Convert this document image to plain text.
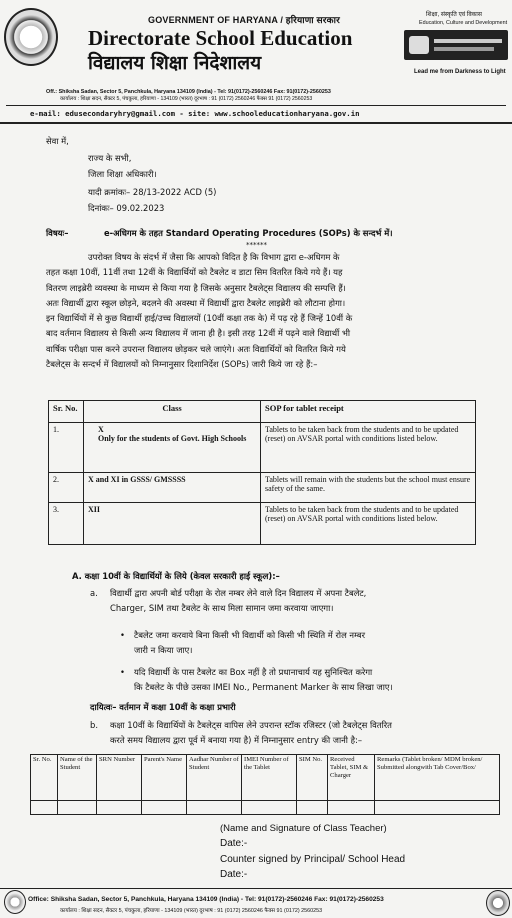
GOVERNMENT OF HARYANA / हरियाणा सरकार
Directorate School Education
विद्यालय शिक्षा निदेशालय
शिक्षा, संस्कृति एवं विकास
Education, Culture and Development
Lead me from Darkness to Light
Off.: Shiksha Sadan, Sector 5, Panchkula, Haryana 134109 (India) - Tel: 91(0172)-2560246 Fax: 91(0172)-2560253
कार्यालय : शिक्षा सदन, सैक्टर 5, पंचकुला, हरियाणा - 134109 (भारत) दूरभाष : 91 (0172) 2560246 फैक्स 91 (0172) 2560253
e-mail: edusecondaryhry@gmail.com - site: www.schooleducationharyana.gov.in
सेवा में,
राज्य के सभी,
जिला शिक्षा अधिकारी।
यादी क्रमांकः– 28/13-2022 ACD (5)
दिनांकः– 09.02.2023
विषयः–	e-अधिगम के तहत Standard Operating Procedures (SOPs) के सन्दर्भ में।
******
उपरोक्त विषय के संदर्भ में जैसा कि आपको विदित है कि विभाग द्वारा e-अधिगम के
तहत कक्षा 10वीं, 11वीं तथा 12वीं के विद्यार्थियों को टैबलेट व डाटा सिम वितरित किये गये हैं। यह
वितरण लाइब्रेरी व्यवस्था के माध्यम से किया गया है जिसके अनुसार टैबलेट्स विद्यालय की सम्पत्ति हैं।
अतः विद्यार्थी द्वारा स्कूल छोड़ने, बदलने की अवस्था में विद्यार्थी द्वारा टैबलेट लाइब्रेरी को लौटाना होगा।
इन विद्यार्थियों में से कुछ विद्यार्थी हाई/उच्च विद्यालयों (10वीं कक्षा तक के) में पढ़ रहे हैं जिन्हें 10वीं के
बाद वर्तमान विद्यालय से किसी अन्य विद्यालय में जाना ही है। इसी तरह 12वीं में पढ़ने वाले विद्यार्थी भी
वार्षिक परीक्षा पास करने उपरान्त विद्यालय छोड़कर चले जाएंगे। अतः विद्यार्थियों को वितरित किये गये
टैबलेट्स के सन्दर्भ में विद्यालयों को निम्नानुसार दिशानिर्देश (SOPs) जारी किये जा रहे हैं:–
Sr. No.	Class	SOP for tablet receipt
1.	X
Only for the students of Govt. High Schools	Tablets to be taken back from the students and to be updated (reset) on AVSAR portal with conditions listed below.
2.	X and XI in GSSS/ GMSSSS	Tablets will remain with the students but the school must ensure safety of the same.
3.	XII	Tablets to be taken back from the students and to be updated (reset) on AVSAR portal with conditions listed below.
A. कक्षा 10वीं के विद्यार्थियों के लिये (केवल सरकारी हाई स्कूल):–
a. विद्यार्थी द्वारा अपनी बोर्ड परीक्षा के रोल नम्बर लेने वाले दिन विद्यालय में अपना टैबलेट,
Charger, SIM तथा टैबलेट के साथ मिला सामान जमा करवाया जाएगा।
• टैबलेट जमा करवाये बिना किसी भी विद्यार्थी को किसी भी स्थिति में रोल नम्बर
जारी न किया जाए।
• यदि विद्यार्थी के पास टैबलेट का Box नहीं है तो प्रधानाचार्य यह सुनिश्चित करेगा
कि टैबलेट के पीछे उसका IMEI No., Permanent Marker के साथ लिखा जाए।
दायित्वः– वर्तमान में कक्षा 10वीं के कक्षा प्रभारी
b. कक्षा 10वीं के विद्यार्थियों के टैबलेट्स वापिस लेने उपरान्त स्टॉक रजिस्टर (जो टैबलेट्स वितरित
करते समय विद्यालय द्वारा पूर्व में बनाया गया है) में निम्नानुसार entry की जानी है:–
Sr. No.	Name of the Student	SRN Number	Parent's Name	Aadhar Number of Student	IMEI Number of the Tablet	SIM No.	Received Tablet, SIM & Charger	Remarks (Tablet broken/ MDM broken/ Submitted alongwith Tab Cover/Box/

(Name and Signature of Class Teacher)
Date:-
Counter signed by Principal/ School Head
Date:-
Office: Shiksha Sadan, Sector 5, Panchkula, Haryana 134109 (India) - Tel: 91(0172)-2560246 Fax: 91(0172)-2560253
कार्यालय : शिक्षा सदन, सैक्टर 5, पंचकुला, हरियाणा - 134109 (भारत) दूरभाष : 91 (0172) 2560246 फैक्स 91 (0172) 2560253
